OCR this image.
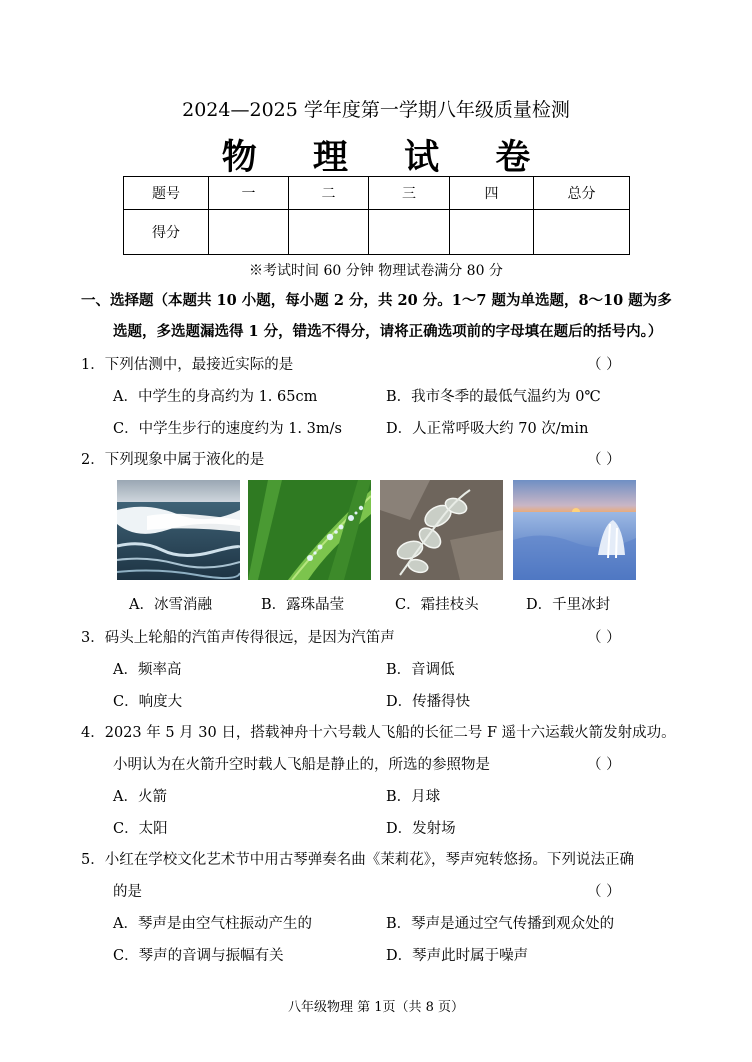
2024—2025 学年度第一学期八年级质量检测
物 理 试 卷
题号	一	二	三	四	总分
得分					
※考试时间 60 分钟 物理试卷满分 80 分
一、选择题（本题共 10 小题，每小题 2 分，共 20 分。1～7 题为单选题，8～10 题为多
选题，多选题漏选得 1 分，错选不得分，请将正确选项前的字母填在题后的括号内。）
1．下列估测中，最接近实际的是	（ ）
A．中学生的身高约为 1. 65cm	B．我市冬季的最低气温约为 0℃
C．中学生步行的速度约为 1. 3m/s	D．人正常呼吸大约 70 次/min
2．下列现象中属于液化的是	（ ）
A．冰雪消融	B．露珠晶莹	C．霜挂枝头	D．千里冰封
3．码头上轮船的汽笛声传得很远，是因为汽笛声	（ ）
A．频率高	B．音调低
C．响度大	D．传播得快
4．2023 年 5 月 30 日，搭载神舟十六号载人飞船的长征二号 F 遥十六运载火箭发射成功。
小明认为在火箭升空时载人飞船是静止的，所选的参照物是	（ ）
A．火箭	B．月球
C．太阳	D．发射场
5．小红在学校文化艺术节中用古琴弹奏名曲《茉莉花》，琴声宛转悠扬。下列说法正确
的是	（ ）
A．琴声是由空气柱振动产生的	B．琴声是通过空气传播到观众处的
C．琴声的音调与振幅有关	D．琴声此时属于噪声
八年级物理 第 1页（共 8 页）
